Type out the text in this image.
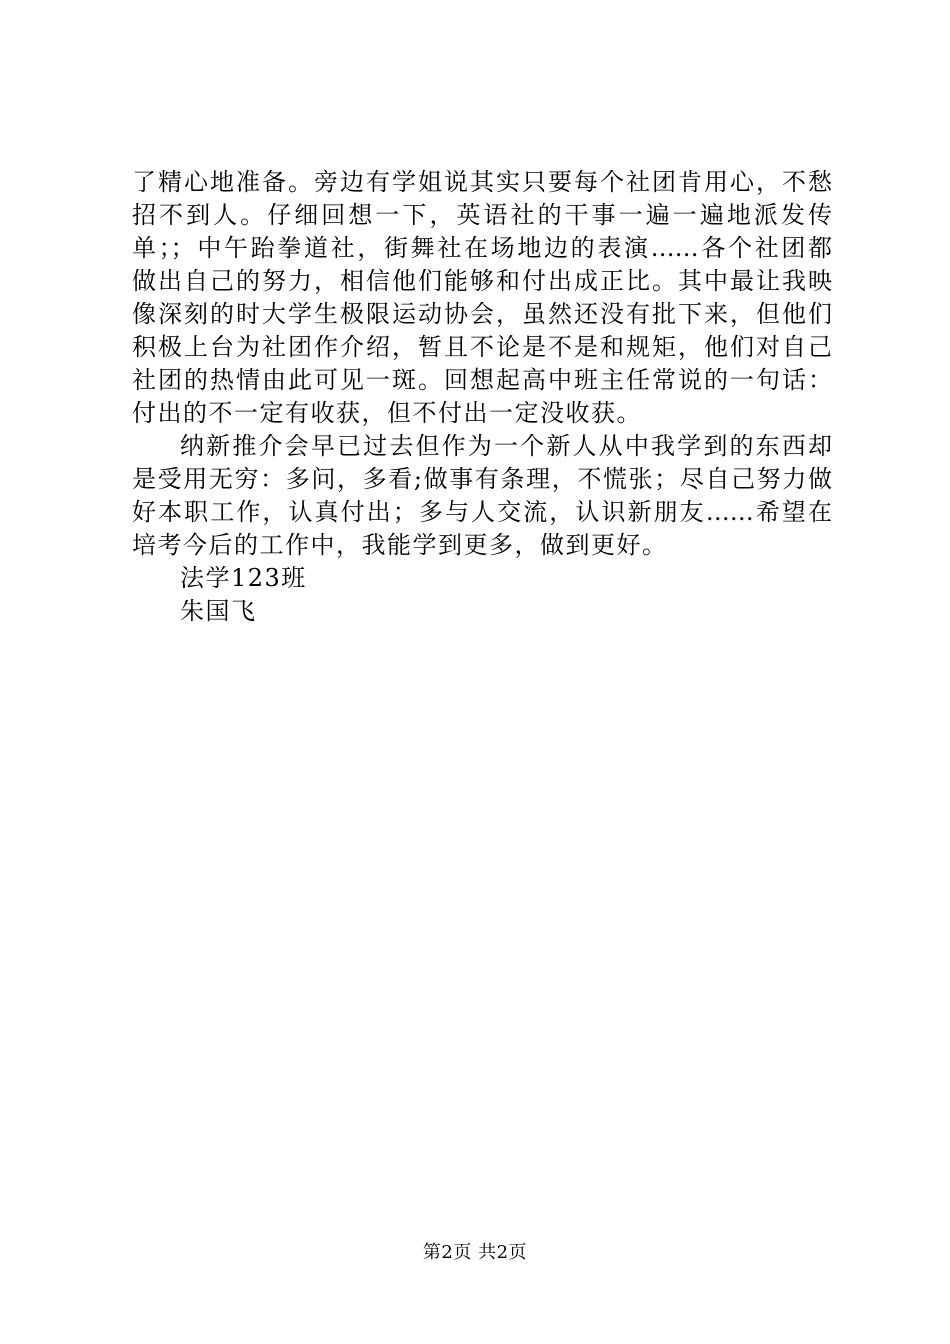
了精心地准备。旁边有学姐说其实只要每个社团肯用心，不愁
招不到人。仔细回想一下，英语社的干事一遍一遍地派发传
单；；中午跆拳道社，街舞社在场地边的表演……各个社团都
做出自己的努力，相信他们能够和付出成正比。其中最让我映
像深刻的时大学生极限运动协会，虽然还没有批下来，但他们
积极上台为社团作介绍，暂且不论是不是和规矩，他们对自己
社团的热情由此可见一斑。回想起高中班主任常说的一句话：
付出的不一定有收获，但不付出一定没收获。
纳新推介会早已过去但作为一个新人从中我学到的东西却
是受用无穷：多问，多看;做事有条理，不慌张；尽自己努力做
好本职工作，认真付出；多与人交流，认识新朋友……希望在
培考今后的工作中，我能学到更多，做到更好。
法学123班
朱国飞
第2页 共2页
